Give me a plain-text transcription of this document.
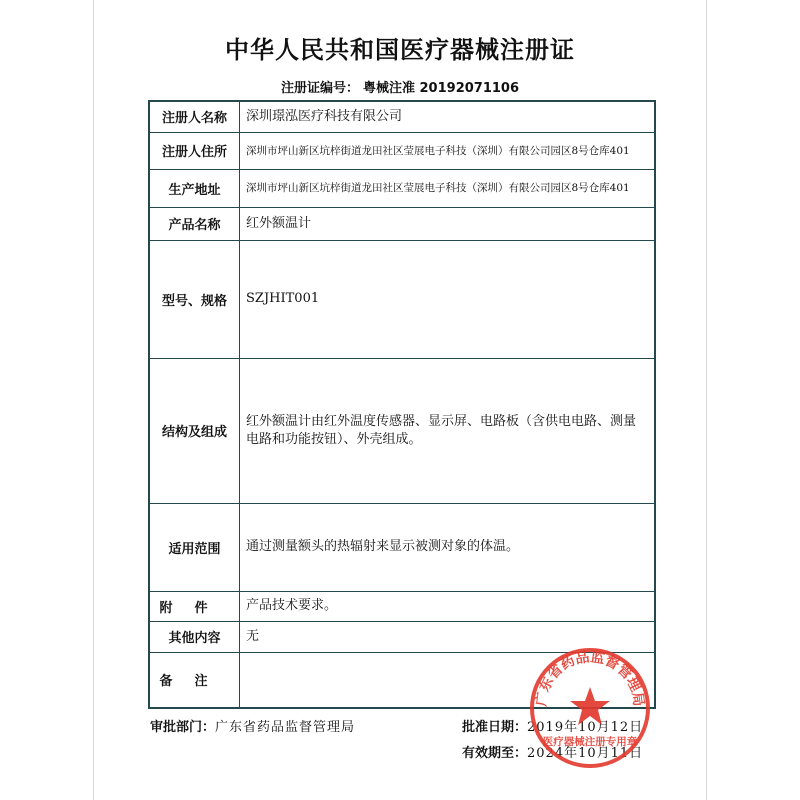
中华人民共和国医疗器械注册证
注册证编号： 粤械注准 20192071106
注册人名称	深圳璟泓医疗科技有限公司
注册人住所	深圳市坪山新区坑梓街道龙田社区莹展电子科技（深圳）有限公司园区8号仓库401
生产地址	深圳市坪山新区坑梓街道龙田社区莹展电子科技（深圳）有限公司园区8号仓库401
产品名称	红外额温计
型号、规格	SZJHIT001
结构及组成	红外额温计由红外温度传感器、显示屏、电路板（含供电电路、测量电路和功能按钮）、外壳组成。
适用范围	通过测量额头的热辐射来显示被测对象的体温。
附件	产品技术要求。
其他内容	无
备注	
审批部门：广东省药品监督管理局	批准日期：2019年10月12日
有效期至：2024年10月11日
广东省药品监督管理局
医疗器械注册专用章
